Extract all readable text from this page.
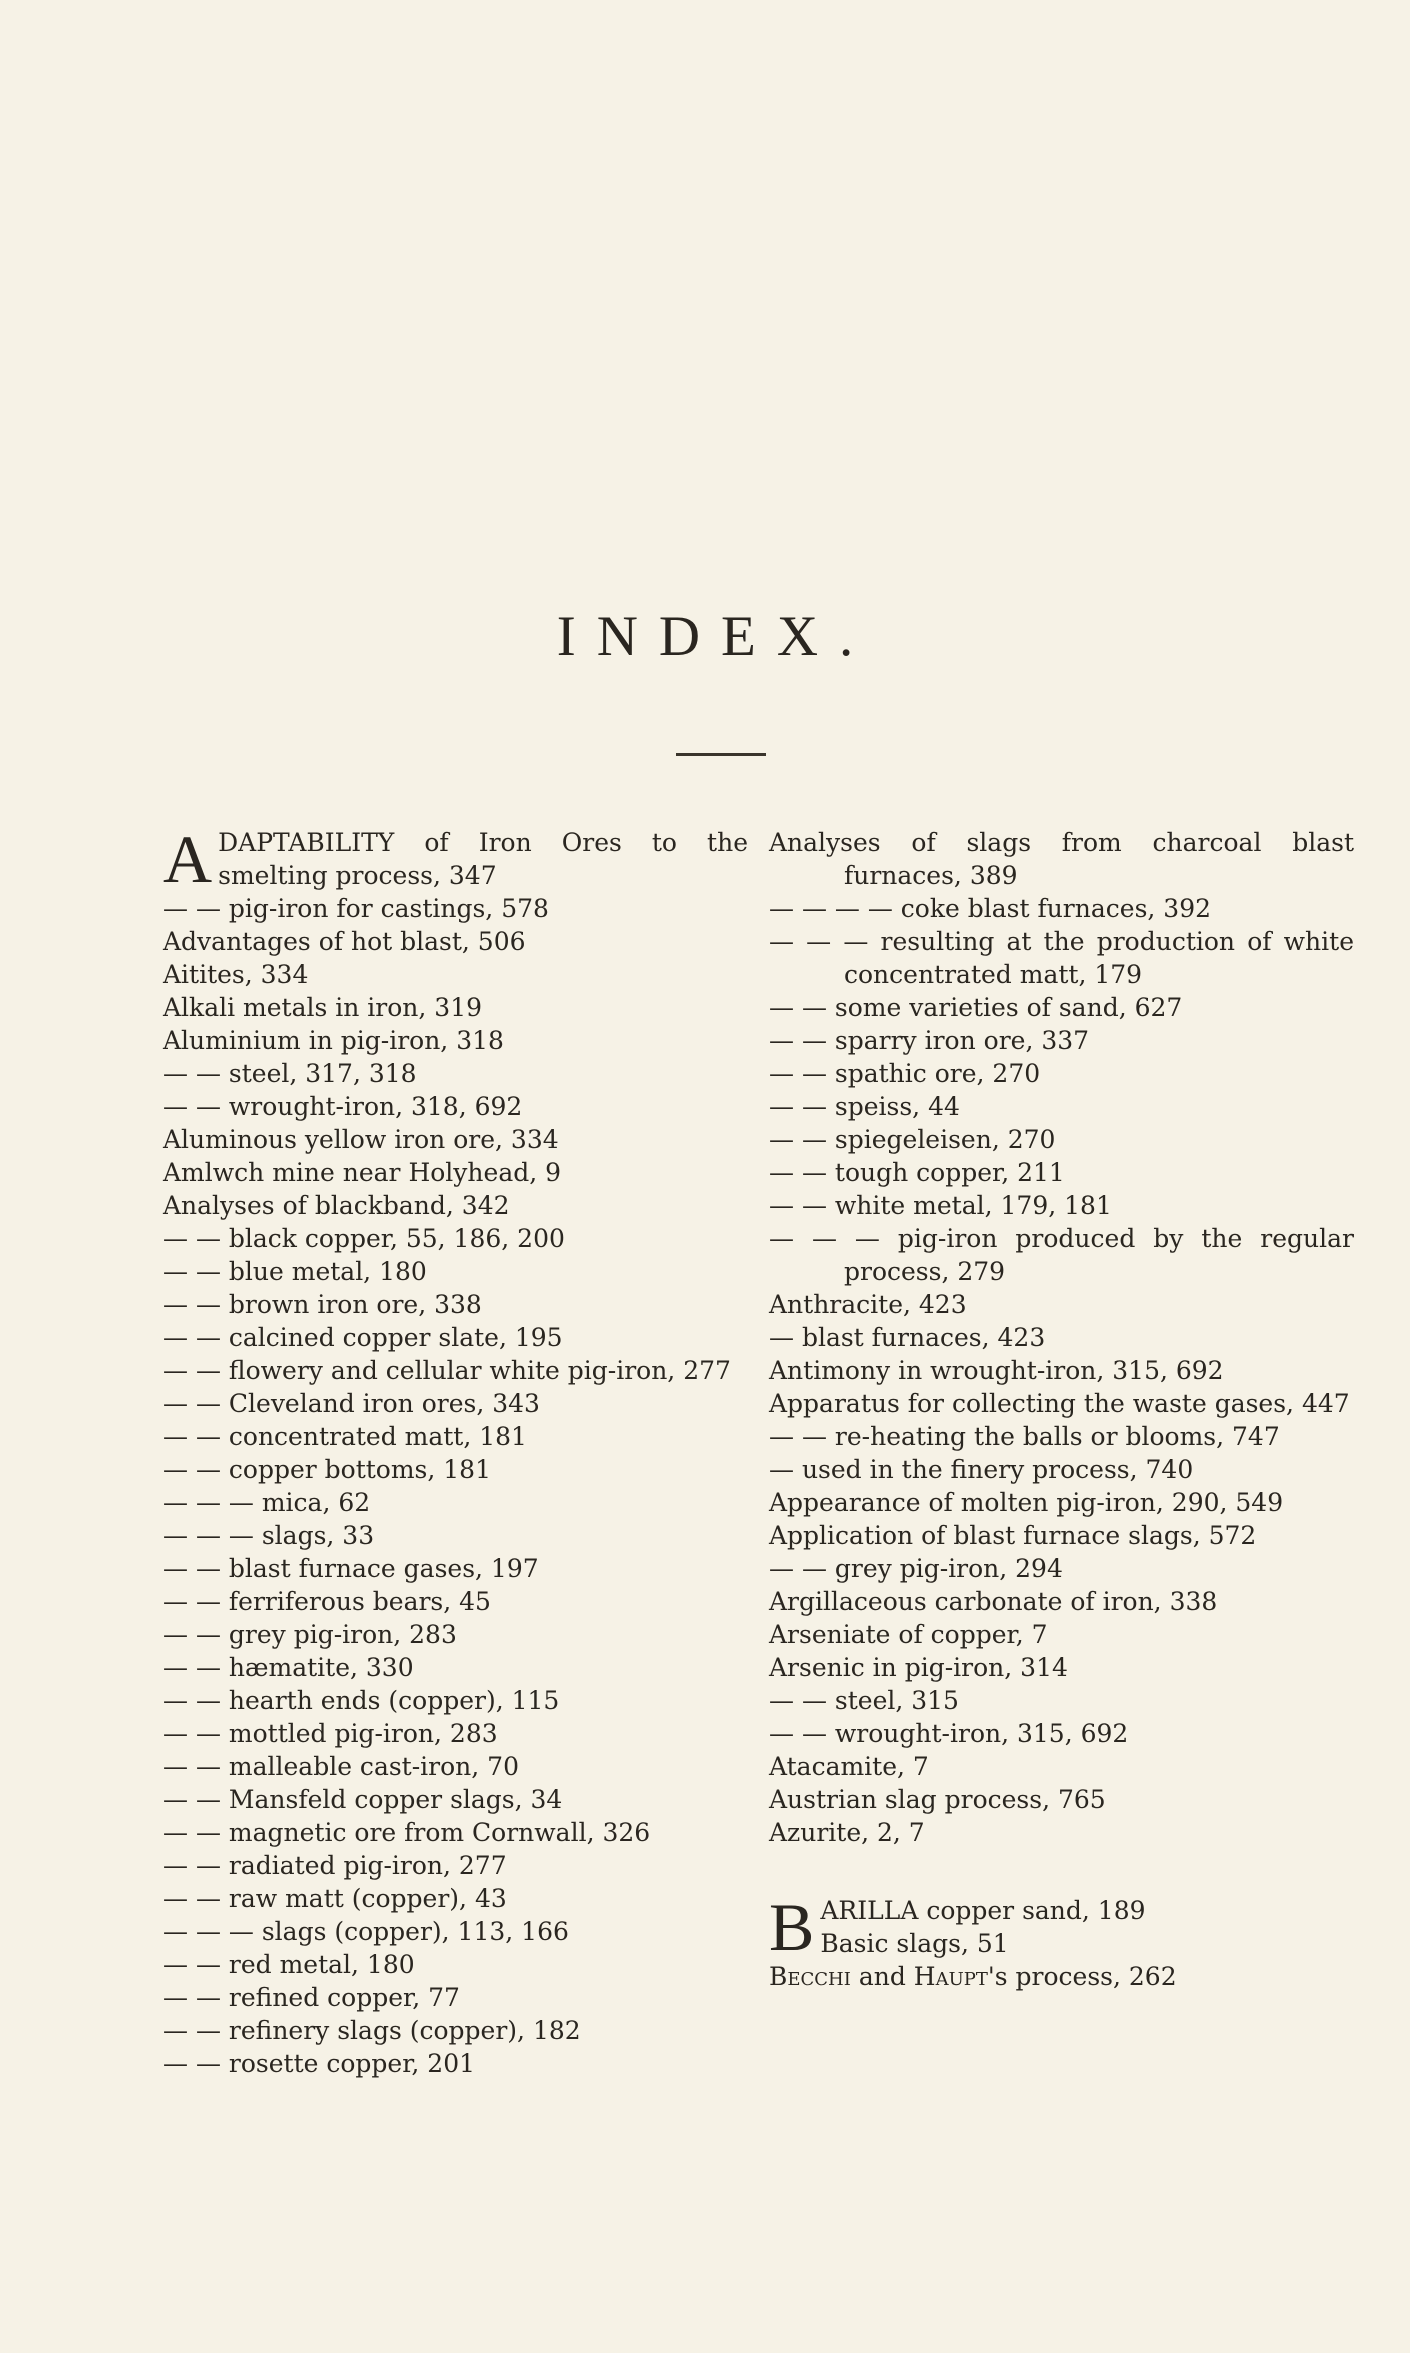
INDEX.

ADAPTABILITY of Iron Ores to the smelting process, 347

— — pig-iron for castings, 578

Advantages of hot blast, 506

Aitites, 334

Alkali metals in iron, 319

Aluminium in pig-iron, 318

— — steel, 317, 318

— — wrought-iron, 318, 692

Aluminous yellow iron ore, 334

Amlwch mine near Holyhead, 9

Analyses of blackband, 342

— — black copper, 55, 186, 200

— — blue metal, 180

— — brown iron ore, 338

— — calcined copper slate, 195

— — flowery and cellular white pig-iron, 277

— — Cleveland iron ores, 343

— — concentrated matt, 181

— — copper bottoms, 181

— — — mica, 62

— — — slags, 33

— — blast furnace gases, 197

— — ferriferous bears, 45

— — grey pig-iron, 283

— — hæmatite, 330

— — hearth ends (copper), 115

— — mottled pig-iron, 283

— — malleable cast-iron, 70

— — Mansfeld copper slags, 34

— — magnetic ore from Cornwall, 326

— — radiated pig-iron, 277

— — raw matt (copper), 43

— — — slags (copper), 113, 166

— — red metal, 180

— — refined copper, 77

— — refinery slags (copper), 182

— — rosette copper, 201

Analyses of slags from charcoal blast furnaces, 389

— — — — coke blast furnaces, 392

— — — resulting at the production of white concentrated matt, 179

— — some varieties of sand, 627

— — sparry iron ore, 337

— — spathic ore, 270

— — speiss, 44

— — spiegeleisen, 270

— — tough copper, 211

— — white metal, 179, 181

— — — pig-iron produced by the regular process, 279

Anthracite, 423

— blast furnaces, 423

Antimony in wrought-iron, 315, 692

Apparatus for collecting the waste gases, 447

— — re-heating the balls or blooms, 747

— used in the finery process, 740

Appearance of molten pig-iron, 290, 549

Application of blast furnace slags, 572

— — grey pig-iron, 294

Argillaceous carbonate of iron, 338

Arseniate of copper, 7

Arsenic in pig-iron, 314

— — steel, 315

— — wrought-iron, 315, 692

Atacamite, 7

Austrian slag process, 765

Azurite, 2, 7

BARILLA copper sand, 189
Basic slags, 51

Becchi and Haupt's process, 262
